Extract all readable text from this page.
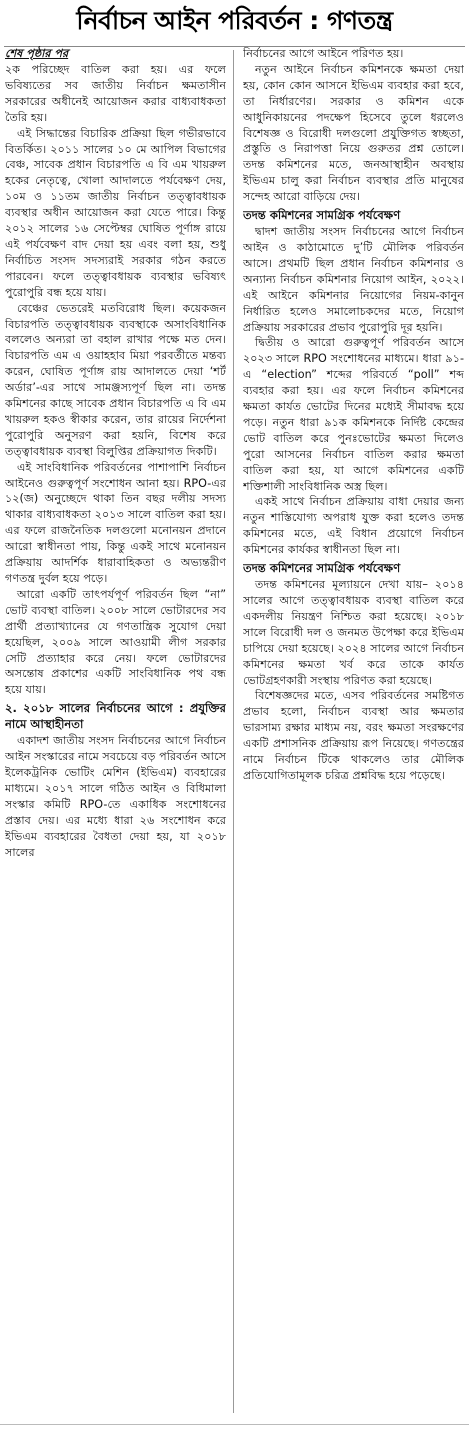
নির্বাচন আইন পরিবর্তন : গণতন্ত্র
শেষ পৃষ্ঠার পর

২ক পরিচ্ছেদ বাতিল করা হয়। এর ফলে ভবিষ্যতের সব জাতীয় নির্বাচন ক্ষমতাসীন সরকারের অধীনেই আয়োজন করার বাধ্যবাধকতা তৈরি হয়।

এই সিদ্ধান্তের বিচারিক প্রক্রিয়া ছিল গভীরভাবে বিতর্কিত। ২০১১ সালের ১০ মে আপিল বিভাগের বেঞ্চ, সাবেক প্রধান বিচারপতি এ বি এম খায়রুল হকের নেতৃত্বে, খোলা আদালতে পর্যবেক্ষণ দেয়, ১০ম ও ১১তম জাতীয় নির্বাচন তত্ত্বাবধায়ক ব্যবস্থার অধীন আয়োজন করা যেতে পারে। কিন্তু ২০১২ সালের ১৬ সেপ্টেম্বর ঘোষিত পূর্ণাঙ্গ রায়ে এই পর্যবেক্ষণ বাদ দেয়া হয় এবং বলা হয়, শুধু নির্বাচিত সংসদ সদস্যরাই সরকার গঠন করতে পারবেন। ফলে তত্ত্বাবধায়ক ব্যবস্থার ভবিষ্যৎ পুরোপুরি বন্ধ হয়ে যায়।

বেঞ্চের ভেতরেই মতবিরোধ ছিল। কয়েকজন বিচারপতি তত্ত্বাবধায়ক ব্যবস্থাকে অসাংবিধানিক বললেও অন্যরা তা বহাল রাখার পক্ষে মত দেন। বিচারপতি এম এ ওয়াহহাব মিয়া পরবর্তীতে মন্তব্য করেন, ঘোষিত পূর্ণাঙ্গ রায় আদালতে দেয়া ‘শর্ট অর্ডার’-এর সাথে সামঞ্জস্যপূর্ণ ছিল না। তদন্ত কমিশনের কাছে সাবেক প্রধান বিচারপতি এ বি এম খায়রুল হকও স্বীকার করেন, তার রায়ের নির্দেশনা পুরোপুরি অনুসরণ করা হয়নি, বিশেষ করে তত্ত্বাবধায়ক ব্যবস্থা বিলুপ্তির প্রক্রিয়াগত দিকটি।

এই সাংবিধানিক পরিবর্তনের পাশাপাশি নির্বাচন আইনেও গুরুত্বপূর্ণ সংশোধন আনা হয়। RPO-এর ১২(জ) অনুচ্ছেদে থাকা তিন বছর দলীয় সদস্য থাকার বাধ্যবাধকতা ২০১৩ সালে বাতিল করা হয়। এর ফলে রাজনৈতিক দলগুলো মনোনয়ন প্রদানে আরো স্বাধীনতা পায়, কিন্তু একই সাথে মনোনয়ন প্রক্রিয়ায় আদর্শিক ধারাবাহিকতা ও অভ্যন্তরীণ গণতন্ত্র দুর্বল হয়ে পড়ে।

আরো একটি তাৎপর্যপূর্ণ পরিবর্তন ছিল “না” ভোট ব্যবস্থা বাতিল। ২০০৮ সালে ভোটারদের সব প্রার্থী প্রত্যাখ্যানের যে গণতান্ত্রিক সুযোগ দেয়া হয়েছিল, ২০০৯ সালে আওয়ামী লীগ সরকার সেটি প্রত্যাহার করে নেয়। ফলে ভোটারদের অসন্তোষ প্রকাশের একটি সাংবিধানিক পথ বন্ধ হয়ে যায়।

২. ২০১৮ সালের নির্বাচনের আগে : প্রযুক্তির নামে আস্থাহীনতা

একাদশ জাতীয় সংসদ নির্বাচনের আগে নির্বাচন আইন সংস্কারের নামে সবচেয়ে বড় পরিবর্তন আসে ইলেকট্রনিক ভোটিং মেশিন (ইভিএম) ব্যবহারের মাধ্যমে। ২০১৭ সালে গঠিত আইন ও বিধিমালা সংস্কার কমিটি RPO-তে একাধিক সংশোধনের প্রস্তাব দেয়। এর মধ্যে ধারা ২৬ সংশোধন করে ইভিএম ব্যবহারের বৈধতা দেয়া হয়, যা ২০১৮ সালের

নির্বাচনের আগে আইনে পরিণত হয়।

নতুন আইনে নির্বাচন কমিশনকে ক্ষমতা দেয়া হয়, কোন কোন আসনে ইভিএম ব্যবহার করা হবে, তা নির্ধারণের। সরকার ও কমিশন একে আধুনিকায়নের পদক্ষেপ হিসেবে তুলে ধরলেও বিশেষজ্ঞ ও বিরোধী দলগুলো প্রযুক্তিগত স্বচ্ছতা, প্রস্তুতি ও নিরাপত্তা নিয়ে গুরুতর প্রশ্ন তোলে। তদন্ত কমিশনের মতে, জনআস্থাহীন অবস্থায় ইভিএম চালু করা নির্বাচন ব্যবস্থার প্রতি মানুষের সন্দেহ আরো বাড়িয়ে দেয়।

তদন্ত কমিশনের সামগ্রিক পর্যবেক্ষণ

দ্বাদশ জাতীয় সংসদ নির্বাচনের আগে নির্বাচন আইন ও কাঠামোতে দু’টি মৌলিক পরিবর্তন আসে। প্রথমটি ছিল প্রধান নির্বাচন কমিশনার ও অন্যান্য নির্বাচন কমিশনার নিয়োগ আইন, ২০২২। এই আইনে কমিশনার নিয়োগের নিয়ম-কানুন নির্ধারিত হলেও সমালোচকদের মতে, নিয়োগ প্রক্রিয়ায় সরকারের প্রভাব পুরোপুরি দূর হয়নি।

দ্বিতীয় ও আরো গুরুত্বপূর্ণ পরিবর্তন আসে ২০২৩ সালে RPO সংশোধনের মাধ্যমে। ধারা ৯১-এ “election” শব্দের পরিবর্তে “poll” শব্দ ব্যবহার করা হয়। এর ফলে নির্বাচন কমিশনের ক্ষমতা কার্যত ভোটের দিনের মধ্যেই সীমাবদ্ধ হয়ে পড়ে। নতুন ধারা ৯১ক কমিশনকে নির্দিষ্ট কেন্দ্রের ভোট বাতিল করে পুনঃভোটের ক্ষমতা দিলেও পুরো আসনের নির্বাচন বাতিল করার ক্ষমতা বাতিল করা হয়, যা আগে কমিশনের একটি শক্তিশালী সাংবিধানিক অস্ত্র ছিল।

একই সাথে নির্বাচন প্রক্রিয়ায় বাধা দেয়ার জন্য নতুন শাস্তিযোগ্য অপরাধ যুক্ত করা হলেও তদন্ত কমিশনের মতে, এই বিধান প্রয়োগে নির্বাচন কমিশনের কার্যকর স্বাধীনতা ছিল না।

তদন্ত কমিশনের সামগ্রিক পর্যবেক্ষণ

তদন্ত কমিশনের মূল্যায়নে দেখা যায়– ২০১৪ সালের আগে তত্ত্বাবধায়ক ব্যবস্থা বাতিল করে একদলীয় নিয়ন্ত্রণ নিশ্চিত করা হয়েছে। ২০১৮ সালে বিরোধী দল ও জনমত উপেক্ষা করে ইভিএম চাপিয়ে দেয়া হয়েছে। ২০২৪ সালের আগে নির্বাচন কমিশনের ক্ষমতা খর্ব করে তাকে কার্যত ভোটগ্রহণকারী সংস্থায় পরিণত করা হয়েছে।

বিশেষজ্ঞদের মতে, এসব পরিবর্তনের সমষ্টিগত প্রভাব হলো, নির্বাচন ব্যবস্থা আর ক্ষমতার ভারসাম্য রক্ষার মাধ্যম নয়, বরং ক্ষমতা সংরক্ষণের একটি প্রশাসনিক প্রক্রিয়ায় রূপ নিয়েছে। গণতন্ত্রের নামে নির্বাচন টিকে থাকলেও তার মৌলিক প্রতিযোগিতামূলক চরিত্র প্রশ্নবিদ্ধ হয়ে পড়েছে।
